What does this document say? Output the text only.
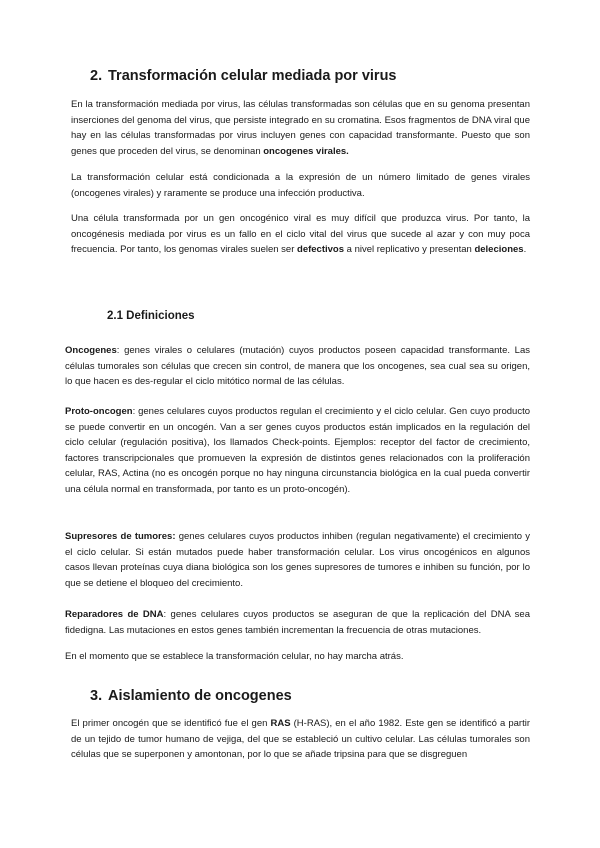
2. Transformación celular mediada por virus

En la transformación mediada por virus, las células transformadas son células que en su genoma presentan inserciones del genoma del virus, que persiste integrado en su cromatina. Esos fragmentos de DNA viral que hay en las células transformadas por virus incluyen genes con capacidad transformante. Puesto que son genes que proceden del virus, se denominan oncogenes virales.

La transformación celular está condicionada a la expresión de un número limitado de genes virales (oncogenes virales) y raramente se produce una infección productiva.

Una célula transformada por un gen oncogénico viral es muy difícil que produzca virus. Por tanto, la oncogénesis mediada por virus es un fallo en el ciclo vital del virus que sucede al azar y con muy poca frecuencia. Por tanto, los genomas virales suelen ser defectivos a nivel replicativo y presentan deleciones.

2.1 Definiciones

Oncogenes: genes virales o celulares (mutación) cuyos productos poseen capacidad transformante. Las células tumorales son células que crecen sin control, de manera que los oncogenes, sea cual sea su origen, lo que hacen es des-regular el ciclo mitótico normal de las células.

Proto-oncogen: genes celulares cuyos productos regulan el crecimiento y el ciclo celular. Gen cuyo producto se puede convertir en un oncogén. Van a ser genes cuyos productos están implicados en la regulación del ciclo celular (regulación positiva), los llamados Check-points. Ejemplos: receptor del factor de crecimiento, factores transcripcionales que promueven la expresión de distintos genes relacionados con la proliferación celular, RAS, Actina (no es oncogén porque no hay ninguna circunstancia biológica en la cual pueda convertir una célula normal en transformada, por tanto es un proto-oncogén).

Supresores de tumores: genes celulares cuyos productos inhiben (regulan negativamente) el crecimiento y el ciclo celular. Si están mutados puede haber transformación celular. Los virus oncogénicos en algunos casos llevan proteínas cuya diana biológica son los genes supresores de tumores e inhiben su función, por lo que se detiene el bloqueo del crecimiento.

Reparadores de DNA: genes celulares cuyos productos se aseguran de que la replicación del DNA sea fidedigna. Las mutaciones en estos genes también incrementan la frecuencia de otras mutaciones.

En el momento que se establece la transformación celular, no hay marcha atrás.

3. Aislamiento de oncogenes

El primer oncogén que se identificó fue el gen RAS (H-RAS), en el año 1982. Este gen se identificó a partir de un tejido de tumor humano de vejiga, del que se estableció un cultivo celular. Las células tumorales son células que se superponen y amontonan, por lo que se añade tripsina para que se disgreguen
